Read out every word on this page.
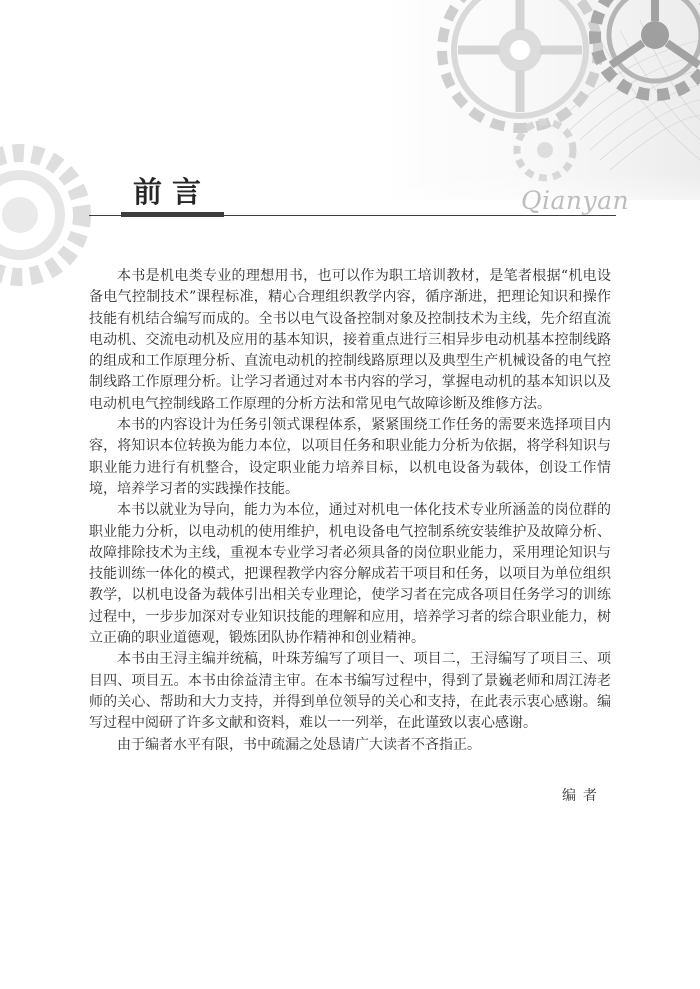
前言	Qianyan

本书是机电类专业的理想用书，也可以作为职工培训教材，是笔者根据“机电设备电气控制技术”课程标准，精心合理组织教学内容，循序渐进，把理论知识和操作技能有机结合编写而成的。全书以电气设备控制对象及控制技术为主线，先介绍直流电动机、交流电动机及应用的基本知识，接着重点进行三相异步电动机基本控制线路的组成和工作原理分析、直流电动机的控制线路原理以及典型生产机械设备的电气控制线路工作原理分析。让学习者通过对本书内容的学习，掌握电动机的基本知识以及电动机电气控制线路工作原理的分析方法和常见电气故障诊断及维修方法。

本书的内容设计为任务引领式课程体系，紧紧围绕工作任务的需要来选择项目内容，将知识本位转换为能力本位，以项目任务和职业能力分析为依据，将学科知识与职业能力进行有机整合，设定职业能力培养目标，以机电设备为载体，创设工作情境，培养学习者的实践操作技能。

本书以就业为导向，能力为本位，通过对机电一体化技术专业所涵盖的岗位群的职业能力分析，以电动机的使用维护，机电设备电气控制系统安装维护及故障分析、故障排除技术为主线，重视本专业学习者必须具备的岗位职业能力，采用理论知识与技能训练一体化的模式，把课程教学内容分解成若干项目和任务，以项目为单位组织教学，以机电设备为载体引出相关专业理论，使学习者在完成各项目任务学习的训练过程中，一步步加深对专业知识技能的理解和应用，培养学习者的综合职业能力，树立正确的职业道德观，锻炼团队协作精神和创业精神。

本书由王浔主编并统稿，叶珠芳编写了项目一、项目二，王浔编写了项目三、项目四、项目五。本书由徐益清主审。在本书编写过程中，得到了景巍老师和周江涛老师的关心、帮助和大力支持，并得到单位领导的关心和支持，在此表示衷心感谢。编写过程中阅研了许多文献和资料，难以一一列举，在此谨致以衷心感谢。

由于编者水平有限，书中疏漏之处恳请广大读者不吝指正。

编者
